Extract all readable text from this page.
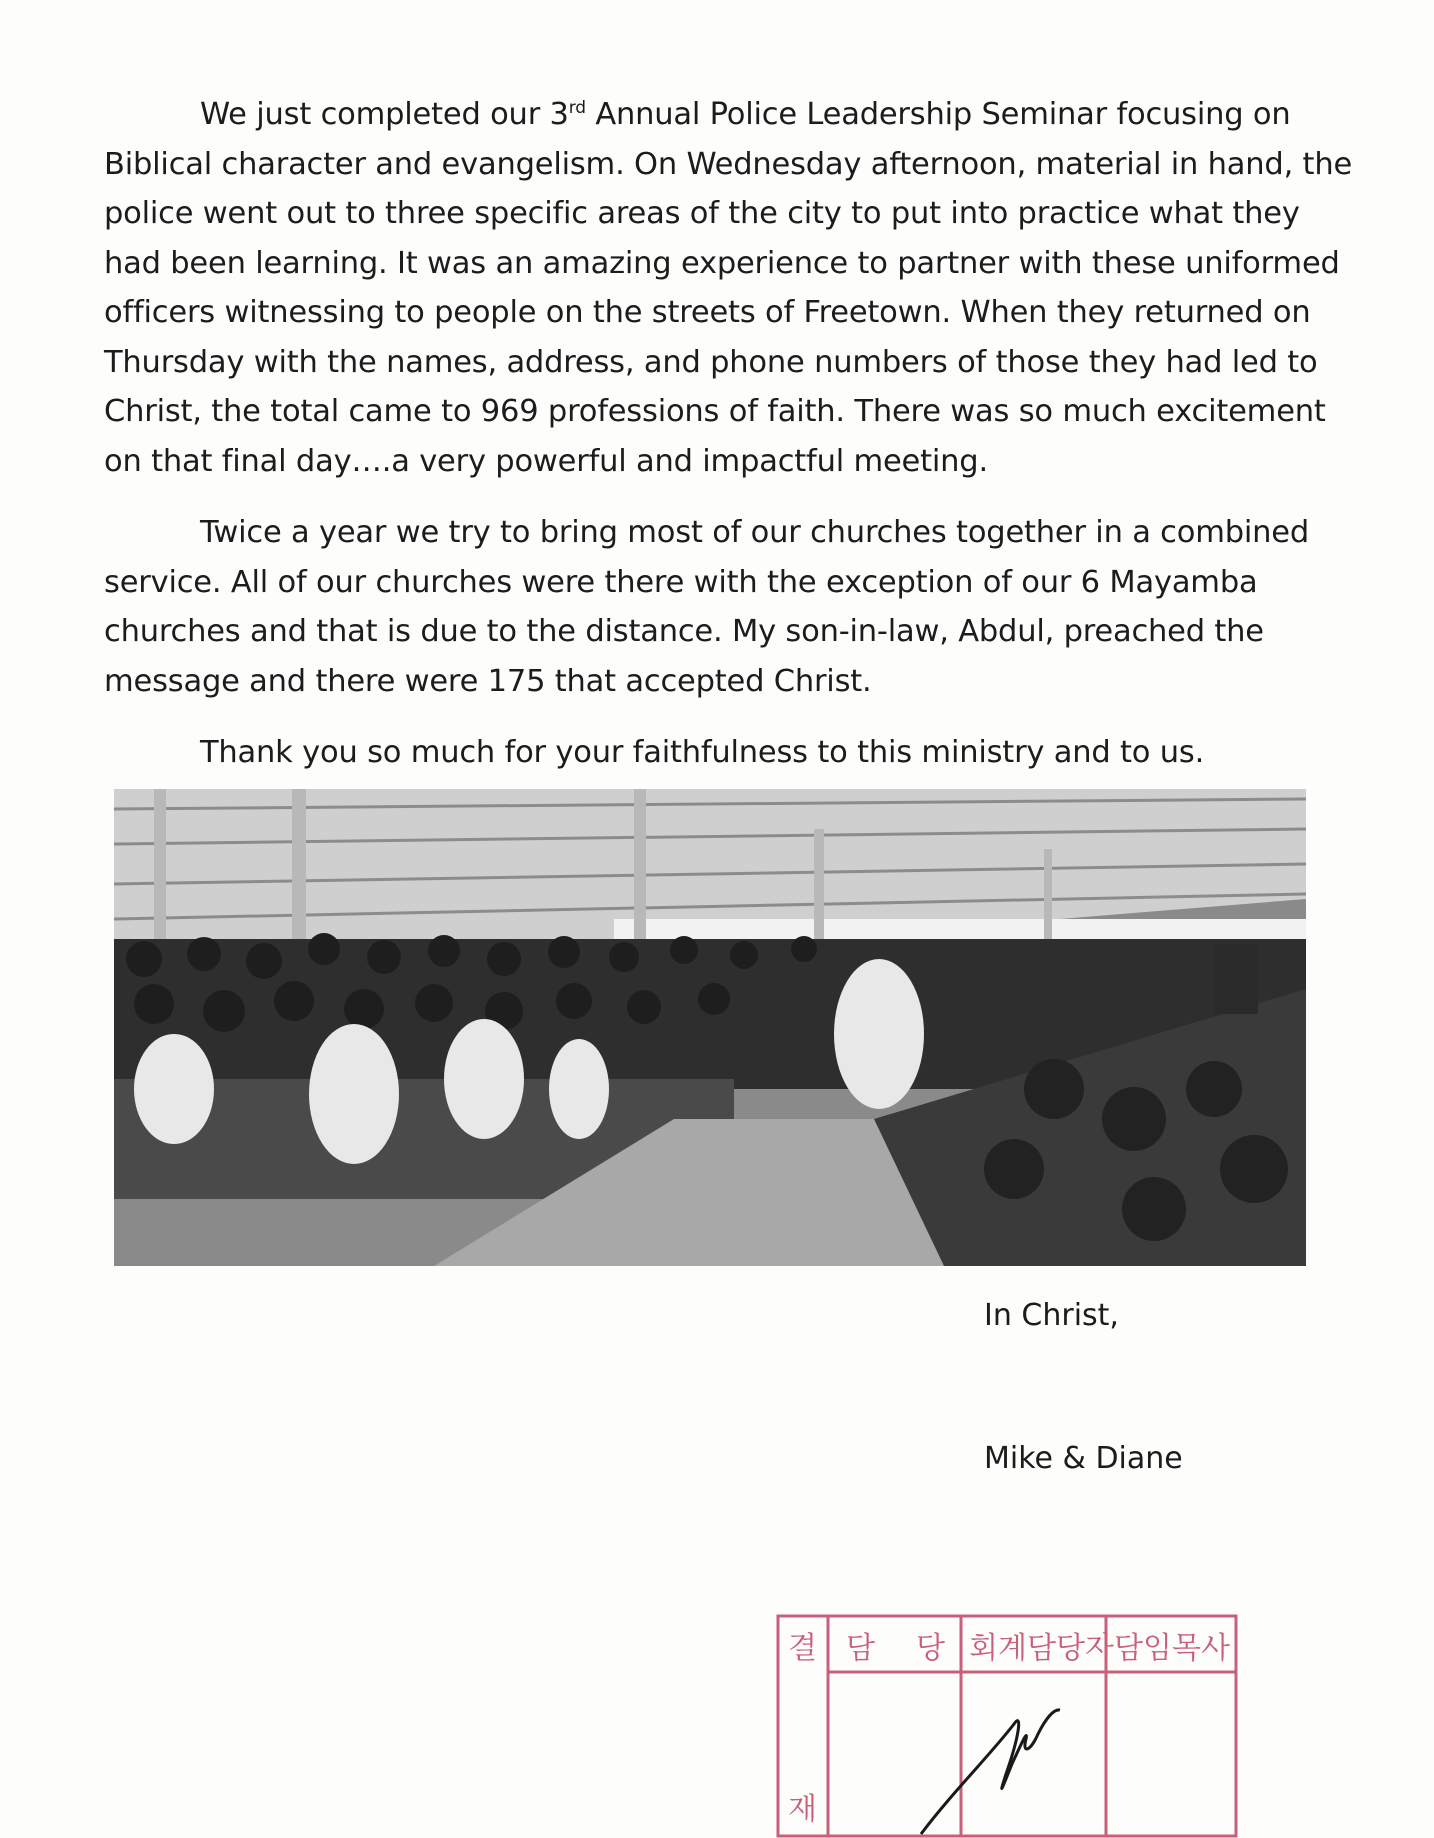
We just completed our 3rd Annual Police Leadership Seminar focusing on Biblical character and evangelism. On Wednesday afternoon, material in hand, the police went out to three specific areas of the city to put into practice what they had been learning. It was an amazing experience to partner with these uniformed officers witnessing to people on the streets of Freetown. When they returned on Thursday with the names, address, and phone numbers of those they had led to Christ, the total came to 969 professions of faith. There was so much excitement on that final day….a very powerful and impactful meeting.

Twice a year we try to bring most of our churches together in a combined service. All of our churches were there with the exception of our 6 Mayamba churches and that is due to the distance. My son-in-law, Abdul, preached the message and there were 175 that accepted Christ.

Thank you so much for your faithfulness to this ministry and to us.

In Christ,

Mike & Diane

결 담 당 회계담당자 담임목사
재
